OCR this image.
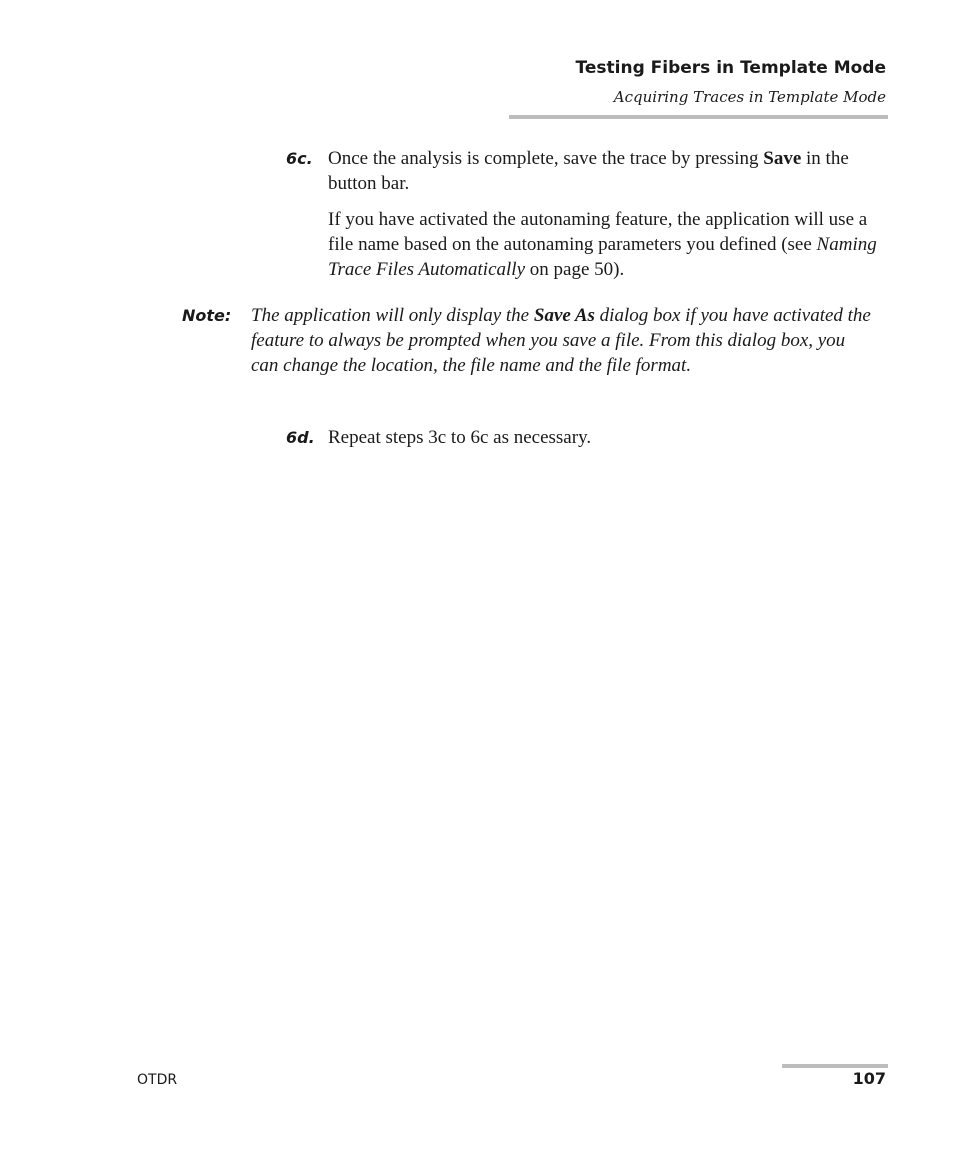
Testing Fibers in Template Mode
Acquiring Traces in Template Mode
6c. Once the analysis is complete, save the trace by pressing Save in the button bar.

If you have activated the autonaming feature, the application will use a file name based on the autonaming parameters you defined (see Naming Trace Files Automatically on page 50).

Note: The application will only display the Save As dialog box if you have activated the feature to always be prompted when you save a file. From this dialog box, you can change the location, the file name and the file format.
6d. Repeat steps 3c to 6c as necessary.

OTDR	107
